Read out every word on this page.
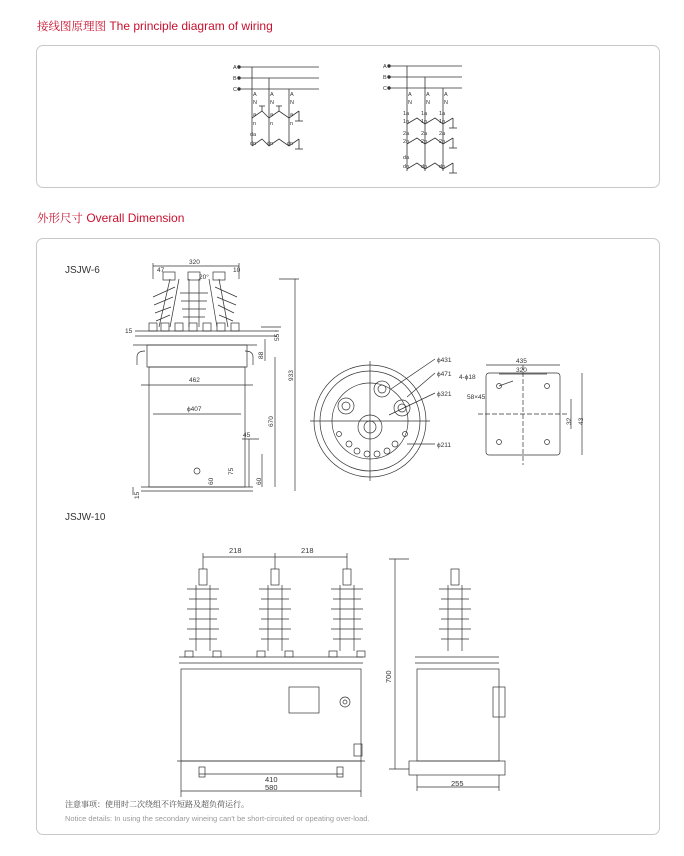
接线图原理图 The principle diagram of wiring
A
B
C
A A	A
N N	N
a	a	a
n	n	n
da
dn dn	dn
A
B
C
A	A	A
N	N	N
1a 1a 1a
1n 1n 1n
2a 2a 2a
2n 2n 2n
da
dn dn dn
外形尺寸 Overall Dimension
320
47
20°
10
15
55
88
462	933
670
ϕ407
45
75
60	60
15
JSJW-6
ϕ431
ϕ471
ϕ321
ϕ211
435
320
4-ϕ18
58×45
32 43
JSJW-10
218	218
700
410
580	255
注意事项：使用时二次绕组不许短路及超负荷运行。
Notice details: In using the secondary wineing can't be short-circuited or opeating over-load.
